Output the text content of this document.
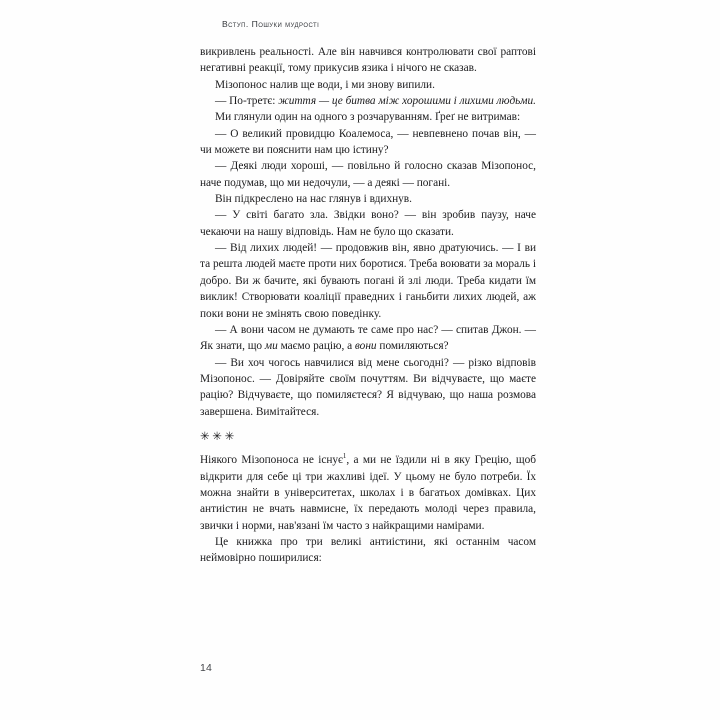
Вступ. Пошуки мудрості

викривлень реальності. Але він навчився контролювати свої раптові негативні реакції, тому прикусив язика і нічого не сказав.

Мізопонос налив ще води, і ми знову випили.

— По-третє: життя — це битва між хорошими і лихими людьми.

Ми глянули один на одного з розчаруванням. Ґреґ не витримав:

— О великий провидцю Коалемоса, — невпевнено почав він, — чи можете ви пояснити нам цю істину?

— Деякі люди хороші, — повільно й голосно сказав Мізопонос, наче подумав, що ми недочули, — а деякі — погані.

Він підкреслено на нас глянув і вдихнув.

— У світі багато зла. Звідки воно? — він зробив паузу, наче чекаючи на нашу відповідь. Нам не було що сказати.

— Від лихих людей! — продовжив він, явно дратуючись. — І ви та решта людей маєте проти них боротися. Треба воювати за мораль і добро. Ви ж бачите, які бувають погані й злі люди. Треба кидати їм виклик! Створювати коаліції праведних і ганьбити лихих людей, аж поки вони не змінять свою поведінку.

— А вони часом не думають те саме про нас? — спитав Джон. — Як знати, що ми маємо рацію, а вони помиляються?

— Ви хоч чогось навчилися від мене сьогодні? — різко відповів Мізопонос. — Довіряйте своїм почуттям. Ви відчуваєте, що маєте рацію? Відчуваєте, що помиляєтеся? Я відчуваю, що наша розмова завершена. Вимітайтеся.

✳ ✳ ✳

Ніякого Мізопоноса не існує$^1$, а ми не їздили ні в яку Грецію, щоб відкрити для себе ці три жахливі ідеї. У цьому не було потреби. Їх можна знайти в університетах, школах і в багатьох домівках. Цих антиістин не вчать навмисне, їх передають молоді через правила, звички і норми, нав'язані їм часто з найкращими намірами.

Це книжка про три великі антиістини, які останнім часом неймовірно поширилися:

14
